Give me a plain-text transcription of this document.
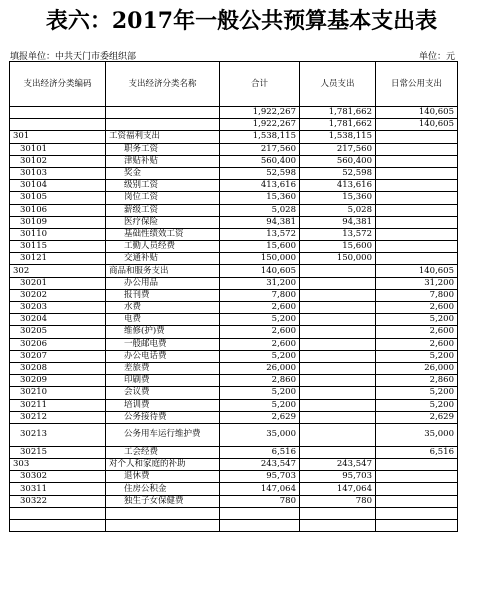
表六：2017年一般公共预算基本支出表
填报单位：中共天门市委组织部	单位：元
支出经济分类编码	支出经济分类名称	合计	人员支出	日常公用支出
		1,922,267	1,781,662	140,605
		1,922,267	1,781,662	140,605
301	工资福利支出	1,538,115	1,538,115	
30101	职务工资	217,560	217,560	
30102	津贴补贴	560,400	560,400	
30103	奖金	52,598	52,598	
30104	级别工资	413,616	413,616	
30105	岗位工资	15,360	15,360	
30106	薪级工资	5,028	5,028	
30109	医疗保险	94,381	94,381	
30110	基础性绩效工资	13,572	13,572	
30115	工勤人员经费	15,600	15,600	
30121	交通补贴	150,000	150,000	
302	商品和服务支出	140,605		140,605
30201	办公用品	31,200		31,200
30202	报刊费	7,800		7,800
30203	水费	2,600		2,600
30204	电费	5,200		5,200
30205	维修(护)费	2,600		2,600
30206	一般邮电费	2,600		2,600
30207	办公电话费	5,200		5,200
30208	差旅费	26,000		26,000
30209	印刷费	2,860		2,860
30210	会议费	5,200		5,200
30211	培训费	5,200		5,200
30212	公务接待费	2,629		2,629
30213	公务用车运行维护费	35,000		35,000
30215	工会经费	6,516		6,516
303	对个人和家庭的补助	243,547	243,547	
30302	退休费	95,703	95,703	
30311	住房公积金	147,064	147,064	
30322	独生子女保健费	780	780	
